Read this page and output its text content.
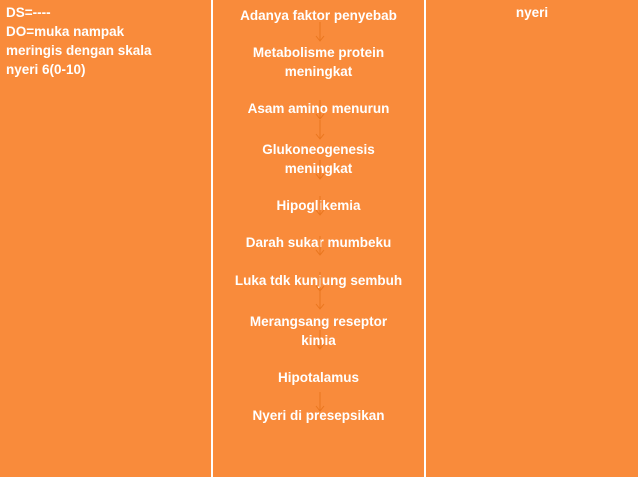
DS=----
DO=muka nampak
meringis dengan skala
nyeri 6(0-10)
Adanya faktor penyebab
Metabolisme protein
meningkat
Asam amino menurun
Glukoneogenesis
meningkat
Hipoglikemia
Darah sukar mumbeku
Luka tdk kunjung sembuh
Merangsang reseptor
kimia
Hipotalamus
Nyeri di presepsikan
nyeri
